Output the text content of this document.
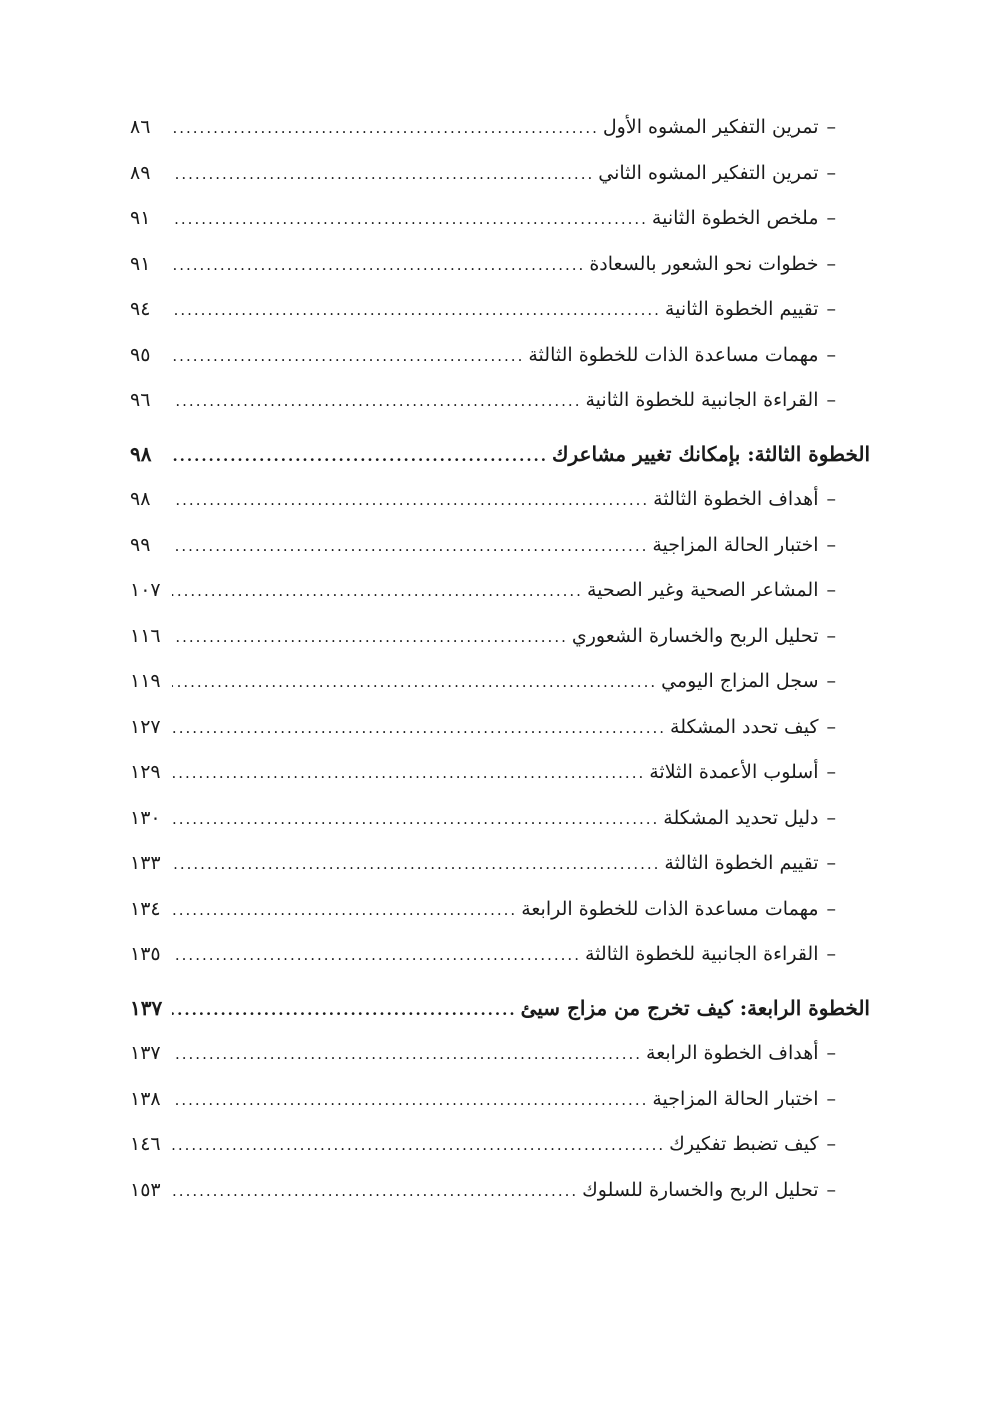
–
تمرين التفكير المشوه الأول
.....
٨٦
–
تمرين التفكير المشوه الثاني
.....
٨٩
–
ملخص الخطوة الثانية
.....
٩١
–
خطوات نحو الشعور بالسعادة
.....
٩١
–
تقييم الخطوة الثانية
.....
٩٤
–
مهمات مساعدة الذات للخطوة الثالثة
.....
٩٥
–
القراءة الجانبية للخطوة الثانية
.....
٩٦
الخطوة الثالثة: بإمكانك تغيير مشاعرك
.....
٩٨
–
أهداف الخطوة الثالثة
.....
٩٨
–
اختبار الحالة المزاجية
.....
٩٩
–
المشاعر الصحية وغير الصحية
.....
١٠٧
–
تحليل الربح والخسارة الشعوري
.....
١١٦
–
سجل المزاج اليومي
.....
١١٩
–
كيف تحدد المشكلة
.....
١٢٧
–
أسلوب الأعمدة الثلاثة
.....
١٢٩
–
دليل تحديد المشكلة
.....
١٣٠
–
تقييم الخطوة الثالثة
.....
١٣٣
–
مهمات مساعدة الذات للخطوة الرابعة
.....
١٣٤
–
القراءة الجانبية للخطوة الثالثة
.....
١٣٥
الخطوة الرابعة: كيف تخرج من مزاج سيئ
.....
١٣٧
–
أهداف الخطوة الرابعة
.....
١٣٧
–
اختبار الحالة المزاجية
.....
١٣٨
–
كيف تضبط تفكيرك
.....
١٤٦
–
تحليل الربح والخسارة للسلوك
.....
١٥٣
